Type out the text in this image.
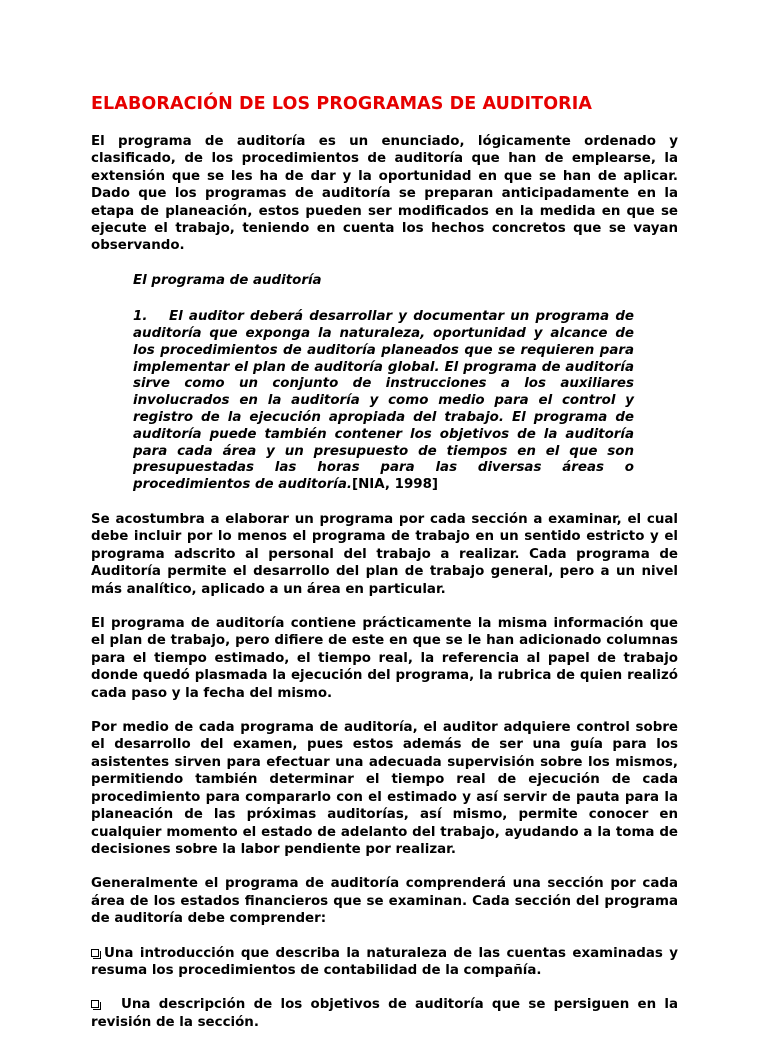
ELABORACIÓN DE LOS PROGRAMAS DE AUDITORIA

El programa de auditoría es un enunciado, lógicamente ordenado y clasificado, de los procedimientos de auditoría que han de emplearse, la extensión que se les ha de dar y la oportunidad en que se han de aplicar. Dado que los programas de auditoría se preparan anticipadamente en la etapa de planeación, estos pueden ser modificados en la medida en que se ejecute el trabajo, teniendo en cuenta los hechos concretos que se vayan observando.

El programa de auditoría

1. El auditor deberá desarrollar y documentar un programa de auditoría que exponga la naturaleza, oportunidad y alcance de los procedimientos de auditoría planeados que se requieren para implementar el plan de auditoría global. El programa de auditoría sirve como un conjunto de instrucciones a los auxiliares involucrados en la auditoría y como medio para el control y registro de la ejecución apropiada del trabajo. El programa de auditoría puede también contener los objetivos de la auditoría para cada área y un presupuesto de tiempos en el que son presupuestadas las horas para las diversas áreas o procedimientos de auditoría.[NIA, 1998]

Se acostumbra a elaborar un programa por cada sección a examinar, el cual debe incluir por lo menos el programa de trabajo en un sentido estricto y el programa adscrito al personal del trabajo a realizar. Cada programa de Auditoría permite el desarrollo del plan de trabajo general, pero a un nivel más analítico, aplicado a un área en particular.

El programa de auditoría contiene prácticamente la misma información que el plan de trabajo, pero difiere de este en que se le han adicionado columnas para el tiempo estimado, el tiempo real, la referencia al papel de trabajo donde quedó plasmada la ejecución del programa, la rubrica de quien realizó cada paso y la fecha del mismo.

Por medio de cada programa de auditoría, el auditor adquiere control sobre el desarrollo del examen, pues estos además de ser una guía para los asistentes sirven para efectuar una adecuada supervisión sobre los mismos, permitiendo también determinar el tiempo real de ejecución de cada procedimiento para compararlo con el estimado y así servir de pauta para la planeación de las próximas auditorías, así mismo, permite conocer en cualquier momento el estado de adelanto del trabajo, ayudando a la toma de decisiones sobre la labor pendiente por realizar.

Generalmente el programa de auditoría comprenderá una sección por cada área de los estados financieros que se examinan. Cada sección del programa de auditoría debe comprender:

Una introducción que describa la naturaleza de las cuentas examinadas y resuma los procedimientos de contabilidad de la compañía.

Una descripción de los objetivos de auditoría que se persiguen en la revisión de la sección.
